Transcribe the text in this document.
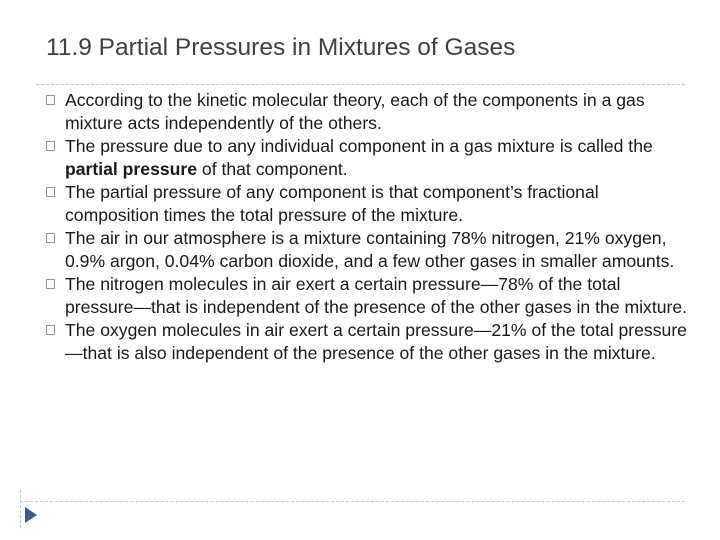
11.9 Partial Pressures in Mixtures of Gases
According to the kinetic molecular theory, each of the components in a gas mixture acts independently of the others.
The pressure due to any individual component in a gas mixture is called the partial pressure of that component.
The partial pressure of any component is that component’s fractional composition times the total pressure of the mixture.
The air in our atmosphere is a mixture containing 78% nitrogen, 21% oxygen, 0.9% argon, 0.04% carbon dioxide, and a few other gases in smaller amounts.
The nitrogen molecules in air exert a certain pressure—78% of the total pressure—that is independent of the presence of the other gases in the mixture.
The oxygen molecules in air exert a certain pressure—21% of the total pressure—that is also independent of the presence of the other gases in the mixture.
